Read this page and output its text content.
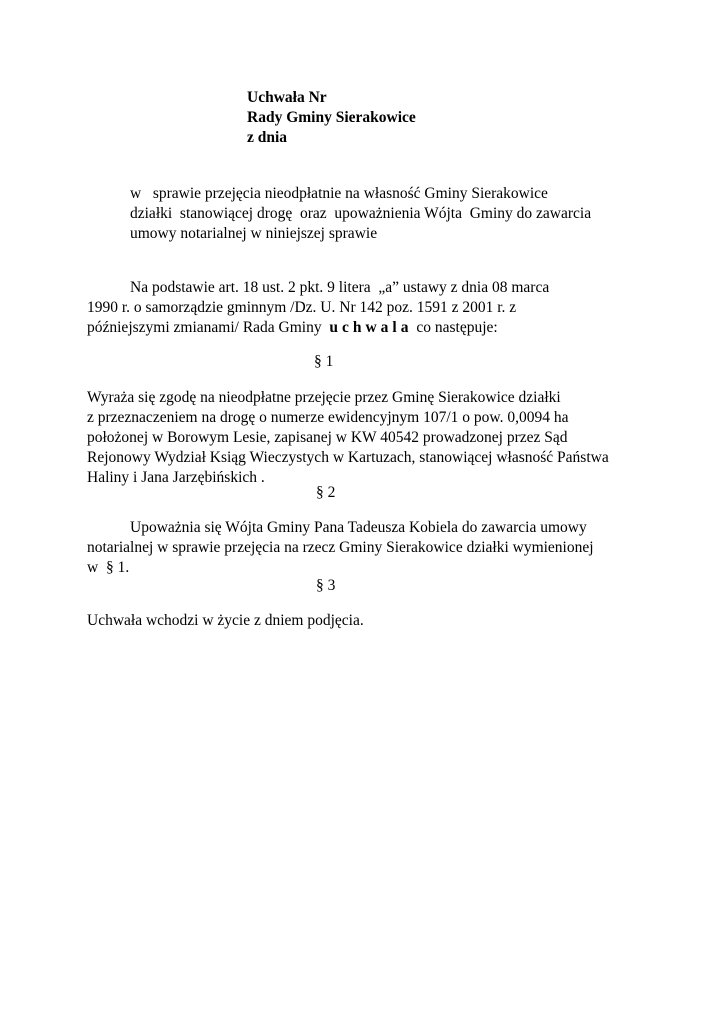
Uchwała Nr
Rady Gminy Sierakowice
z dnia
w   sprawie przejęcia nieodpłatnie na własność Gminy Sierakowice
działki  stanowiącej drogę  oraz  upoważnienia Wójta  Gminy do zawarcia
umowy notarialnej w niniejszej sprawie
Na podstawie art. 18 ust. 2 pkt. 9 litera  „a” ustawy z dnia 08 marca
1990 r. o samorządzie gminnym /Dz. U. Nr 142 poz. 1591 z 2001 r. z
późniejszymi zmianami/ Rada Gminy  uchwala co następuje:
§ 1
Wyraża się zgodę na nieodpłatne przejęcie przez Gminę Sierakowice działki
z przeznaczeniem na drogę o numerze ewidencyjnym 107/1 o pow. 0,0094 ha
położonej w Borowym Lesie, zapisanej w KW 40542 prowadzonej przez Sąd
Rejonowy Wydział Ksiąg Wieczystych w Kartuzach, stanowiącej własność Państwa
Haliny i Jana Jarzębińskich .
§ 2
Upoważnia się Wójta Gminy Pana Tadeusza Kobiela do zawarcia umowy
notarialnej w sprawie przejęcia na rzecz Gminy Sierakowice działki wymienionej
w  § 1.
§ 3
Uchwała wchodzi w życie z dniem podjęcia.
